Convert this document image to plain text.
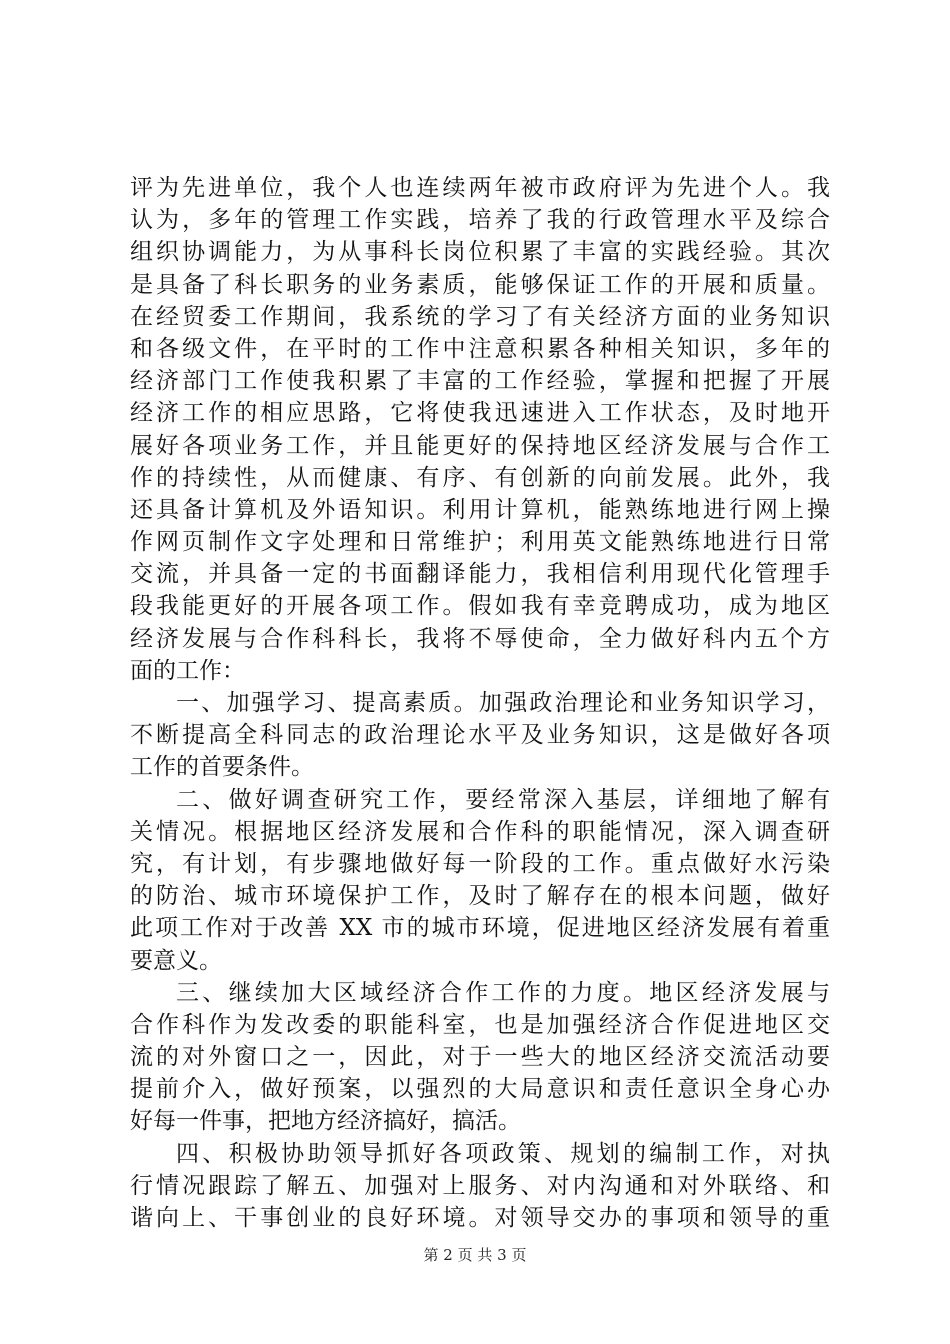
评为先进单位，我个人也连续两年被市政府评为先进个人。我
认为，多年的管理工作实践，培养了我的行政管理水平及综合
组织协调能力，为从事科长岗位积累了丰富的实践经验。其次
是具备了科长职务的业务素质，能够保证工作的开展和质量。
在经贸委工作期间，我系统的学习了有关经济方面的业务知识
和各级文件，在平时的工作中注意积累各种相关知识，多年的
经济部门工作使我积累了丰富的工作经验，掌握和把握了开展
经济工作的相应思路，它将使我迅速进入工作状态，及时地开
展好各项业务工作，并且能更好的保持地区经济发展与合作工
作的持续性，从而健康、有序、有创新的向前发展。此外，我
还具备计算机及外语知识。利用计算机，能熟练地进行网上操
作网页制作文字处理和日常维护；利用英文能熟练地进行日常
交流，并具备一定的书面翻译能力，我相信利用现代化管理手
段我能更好的开展各项工作。假如我有幸竞聘成功，成为地区
经济发展与合作科科长，我将不辱使命，全力做好科内五个方
面的工作：
一、加强学习、提高素质。加强政治理论和业务知识学习，
不断提高全科同志的政治理论水平及业务知识，这是做好各项
工作的首要条件。
二、做好调查研究工作，要经常深入基层，详细地了解有
关情况。根据地区经济发展和合作科的职能情况，深入调查研
究，有计划，有步骤地做好每一阶段的工作。重点做好水污染
的防治、城市环境保护工作，及时了解存在的根本问题，做好
此项工作对于改善 XX 市的城市环境，促进地区经济发展有着重
要意义。
三、继续加大区域经济合作工作的力度。地区经济发展与
合作科作为发改委的职能科室，也是加强经济合作促进地区交
流的对外窗口之一，因此，对于一些大的地区经济交流活动要
提前介入，做好预案，以强烈的大局意识和责任意识全身心办
好每一件事，把地方经济搞好，搞活。
四、积极协助领导抓好各项政策、规划的编制工作，对执
行情况跟踪了解五、加强对上服务、对内沟通和对外联络、和
谐向上、干事创业的良好环境。对领导交办的事项和领导的重
第 2 页 共 3 页
